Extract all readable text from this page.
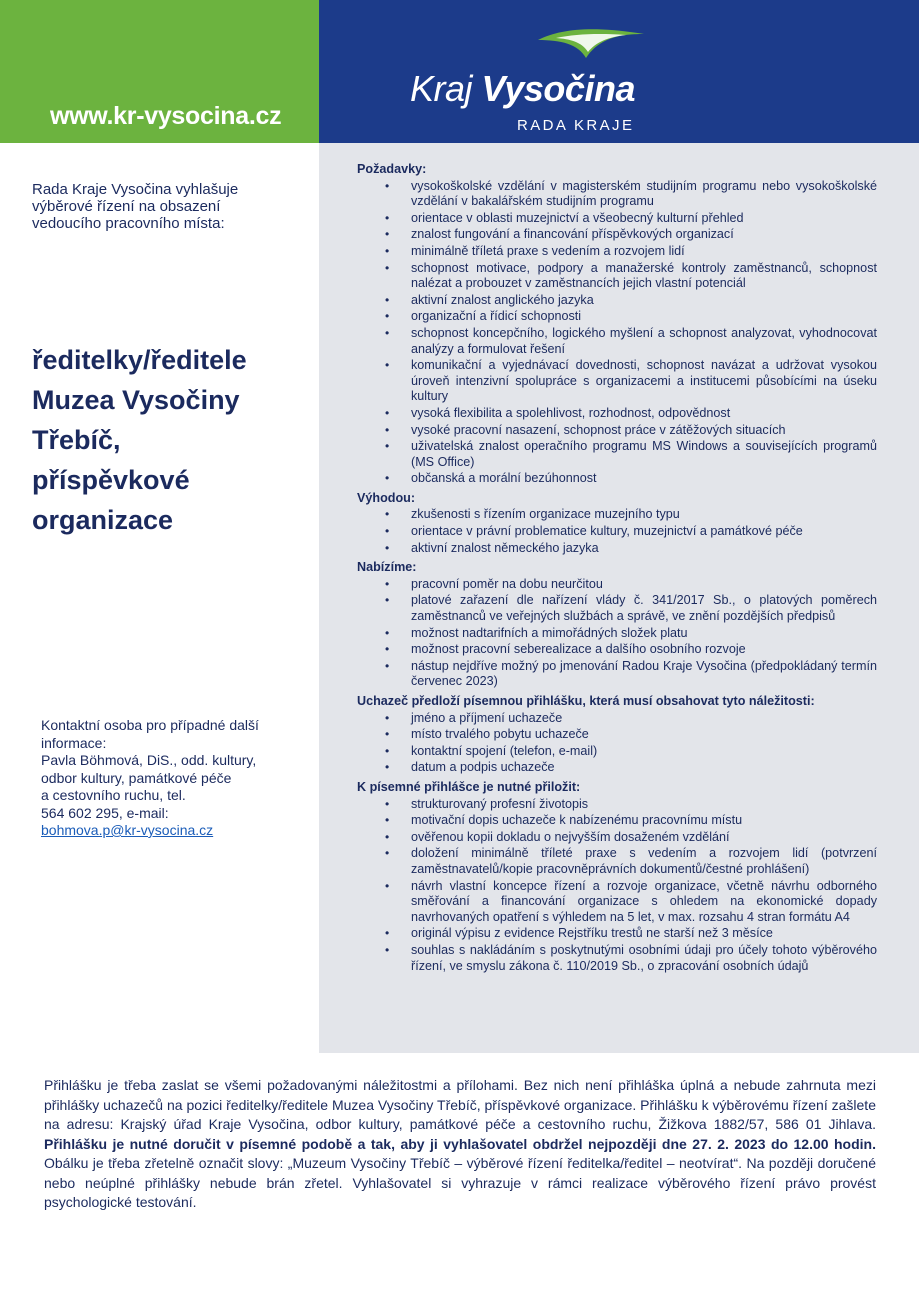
www.kr-vysocina.cz
Kraj Vysočina
RADA KRAJE
Rada Kraje Vysočina vyhlašuje výběrové řízení na obsazení vedoucího pracovního místa:
ředitelky/ředitele
Muzea Vysočiny
Třebíč,
příspěvkové
organizace
Kontaktní osoba pro případné další informace:
Pavla Böhmová, DiS., odd. kultury,
odbor kultury, památkové péče
a cestovního ruchu, tel.
564 602 295, e-mail:
bohmova.p@kr-vysocina.cz
Požadavky:
• vysokoškolské vzdělání v magisterském studijním programu nebo vysokoškolské vzdělání v bakalářském studijním programu
• orientace v oblasti muzejnictví a všeobecný kulturní přehled
• znalost fungování a financování příspěvkových organizací
• minimálně tříletá praxe s vedením a rozvojem lidí
• schopnost motivace, podpory a manažerské kontroly zaměstnanců, schopnost nalézat a probouzet v zaměstnancích jejich vlastní potenciál
• aktivní znalost anglického jazyka
• organizační a řídicí schopnosti
• schopnost koncepčního, logického myšlení a schopnost analyzovat, vyhodnocovat analýzy a formulovat řešení
• komunikační a vyjednávací dovednosti, schopnost navázat a udržovat vysokou úroveň intenzivní spolupráce s organizacemi a institucemi působícími na úseku kultury
• vysoká flexibilita a spolehlivost, rozhodnost, odpovědnost
• vysoké pracovní nasazení, schopnost práce v zátěžových situacích
• uživatelská znalost operačního programu MS Windows a souvisejících programů (MS Office)
• občanská a morální bezúhonnost
Výhodou:
• zkušenosti s řízením organizace muzejního typu
• orientace v právní problematice kultury, muzejnictví a památkové péče
• aktivní znalost německého jazyka
Nabízíme:
• pracovní poměr na dobu neurčitou
• platové zařazení dle nařízení vlády č. 341/2017 Sb., o platových poměrech zaměstnanců ve veřejných službách a správě, ve znění pozdějších předpisů
• možnost nadtarifních a mimořádných složek platu
• možnost pracovní seberealizace a dalšího osobního rozvoje
• nástup nejdříve možný po jmenování Radou Kraje Vysočina (předpokládaný termín červenec 2023)
Uchazeč předloží písemnou přihlášku, která musí obsahovat tyto náležitosti:
• jméno a příjmení uchazeče
• místo trvalého pobytu uchazeče
• kontaktní spojení (telefon, e-mail)
• datum a podpis uchazeče
K písemné přihlášce je nutné přiložit:
• strukturovaný profesní životopis
• motivační dopis uchazeče k nabízenému pracovnímu místu
• ověřenou kopii dokladu o nejvyšším dosaženém vzdělání
• doložení minimálně tříleté praxe s vedením a rozvojem lidí (potvrzení zaměstnavatelů/kopie pracovněprávních dokumentů/čestné prohlášení)
• návrh vlastní koncepce řízení a rozvoje organizace, včetně návrhu odborného směřování a financování organizace s ohledem na ekonomické dopady navrhovaných opatření s výhledem na 5 let, v max. rozsahu 4 stran formátu A4
• originál výpisu z evidence Rejstříku trestů ne starší než 3 měsíce
• souhlas s nakládáním s poskytnutými osobními údaji pro účely tohoto výběrového řízení, ve smyslu zákona č. 110/2019 Sb., o zpracování osobních údajů
Přihlášku je třeba zaslat se všemi požadovanými náležitostmi a přílohami. Bez nich není přihláška úplná a nebude zahrnuta mezi přihlášky uchazečů na pozici ředitelky/ředitele Muzea Vysočiny Třebíč, příspěvkové organizace. Přihlášku k výběrovému řízení zašlete na adresu: Krajský úřad Kraje Vysočina, odbor kultury, památkové péče a cestovního ruchu, Žižkova 1882/57, 586 01 Jihlava. Přihlášku je nutné doručit v písemné podobě a tak, aby ji vyhlašovatel obdržel nejpozději dne 27. 2. 2023 do 12.00 hodin. Obálku je třeba zřetelně označit slovy: „Muzeum Vysočiny Třebíč – výběrové řízení ředitelka/ředitel – neotvírat“. Na později doručené nebo neúplné přihlášky nebude brán zřetel. Vyhlašovatel si vyhrazuje v rámci realizace výběrového řízení právo provést psychologické testování.
